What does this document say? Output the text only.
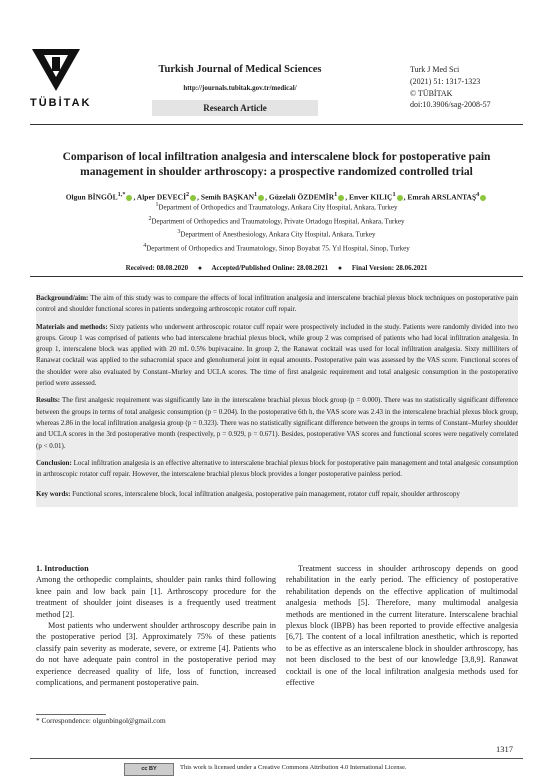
TÜBİTAK
Turkish Journal of Medical Sciences
http://journals.tubitak.gov.tr/medical/
Research Article
Turk J Med Sci
(2021) 51: 1317-1323
© TÜBİTAK
doi:10.3906/sag-2008-57
Comparison of local infiltration analgesia and interscalene block for postoperative pain
management in shoulder arthroscopy: a prospective randomized controlled trial
Olgun $BİNGÖL^{1,*}$ , Alper DEVECİ$^2$ , Semih BAŞKAN$^1$ , Güzelali ÖZDEMİR$^1$ , Enver KILIÇ$^1$ , Emrah ARSLANTAŞ$^4$
$^1$Department of Orthopedics and Traumatology, Ankara City Hospital, Ankara, Turkey
$^2$Department of Orthopedics and Traumatology, Private Ortadogu Hospital, Ankara, Turkey
$^3$Department of Anesthesiology, Ankara City Hospital, Ankara, Turkey
$^4$Department of Orthopedics and Traumatology, Sinop Boyabat 75. Yıl Hospital, Sinop, Turkey
Received: 08.08.2020 ● Accepted/Published Online: 28.08.2021 ● Final Version: 28.06.2021

Background/aim: The aim of this study was to compare the effects of local infiltration analgesia and interscalene brachial plexus block techniques on postoperative pain control and shoulder functional scores in patients undergoing arthroscopic rotator cuff repair.

Materials and methods: Sixty patients who underwent arthroscopic rotator cuff repair were prospectively included in the study. Patients were randomly divided into two groups. Group 1 was comprised of patients who had interscalene brachial plexus block, while group 2 was comprised of patients who had local infiltration analgesia. In group 1, interscalene block was applied with 20 mL 0.5% bupivacaine. In group 2, the Ranawat cocktail was used for local infiltration analgesia. Sixty milliliters of Ranawat cocktail was applied to the subacromial space and glenohumeral joint in equal amounts. Postoperative pain was assessed by the VAS score. Functional scores of the shoulder were also evaluated by Constant–Murley and UCLA scores. The time of first analgesic requirement and total analgesic consumption in the postoperative period were assessed.

Results: The first analgesic requirement was significantly late in the interscalene brachial plexus block group (p = 0.000). There was no statistically significant difference between the groups in terms of total analgesic consumption (p = 0.204). In the postoperative 6th h, the VAS score was 2.43 in the interscalene brachial plexus block group, whereas 2.86 in the local infiltration analgesia group (p = 0.323). There was no statistically significant difference between the groups in terms of Constant–Murley shoulder and UCLA scores in the 3rd postoperative month (respectively, p = 0.929, p = 0.671). Besides, postoperative VAS scores and functional scores were negatively correlated (p < 0.01).

Conclusion: Local infiltration analgesia is an effective alternative to interscalene brachial plexus block for postoperative pain management and total analgesic consumption in arthroscopic rotator cuff repair. However, the interscalene brachial plexus block provides a longer postoperative painless period.

Key words: Functional scores, interscalene block, local infiltration analgesia, postoperative pain management, rotator cuff repair, shoulder arthroscopy

1. Introduction

Among the orthopedic complaints, shoulder pain ranks third following knee pain and low back pain [1]. Arthroscopy procedure for the treatment of shoulder joint diseases is a frequently used treatment method [2].

Most patients who underwent shoulder arthroscopy describe pain in the postoperative period [3]. Approximately 75% of these patients classify pain severity as moderate, severe, or extreme [4]. Patients who do not have adequate pain control in the postoperative period may experience decreased quality of life, loss of function, increased complications, and permanent postoperative pain.

Treatment success in shoulder arthroscopy depends on good rehabilitation in the early period. The efficiency of postoperative rehabilitation depends on the effective application of multimodal analgesia methods [5]. Therefore, many multimodal analgesia methods are mentioned in the current literature. Interscalene brachial plexus block (IBPB) has been reported to provide effective analgesia [6,7]. The content of a local infiltration anesthetic, which is reported to be as effective as an interscalene block in shoulder arthroscopy, has not been disclosed to the best of our knowledge [3,8,9]. Ranawat cocktail is one of the local infiltration analgesia methods used for effective

* Correspondence: olgunbingol@gmail.com
1317
cc BY	This work is licensed under a Creative Commons Attribution 4.0 International License.
